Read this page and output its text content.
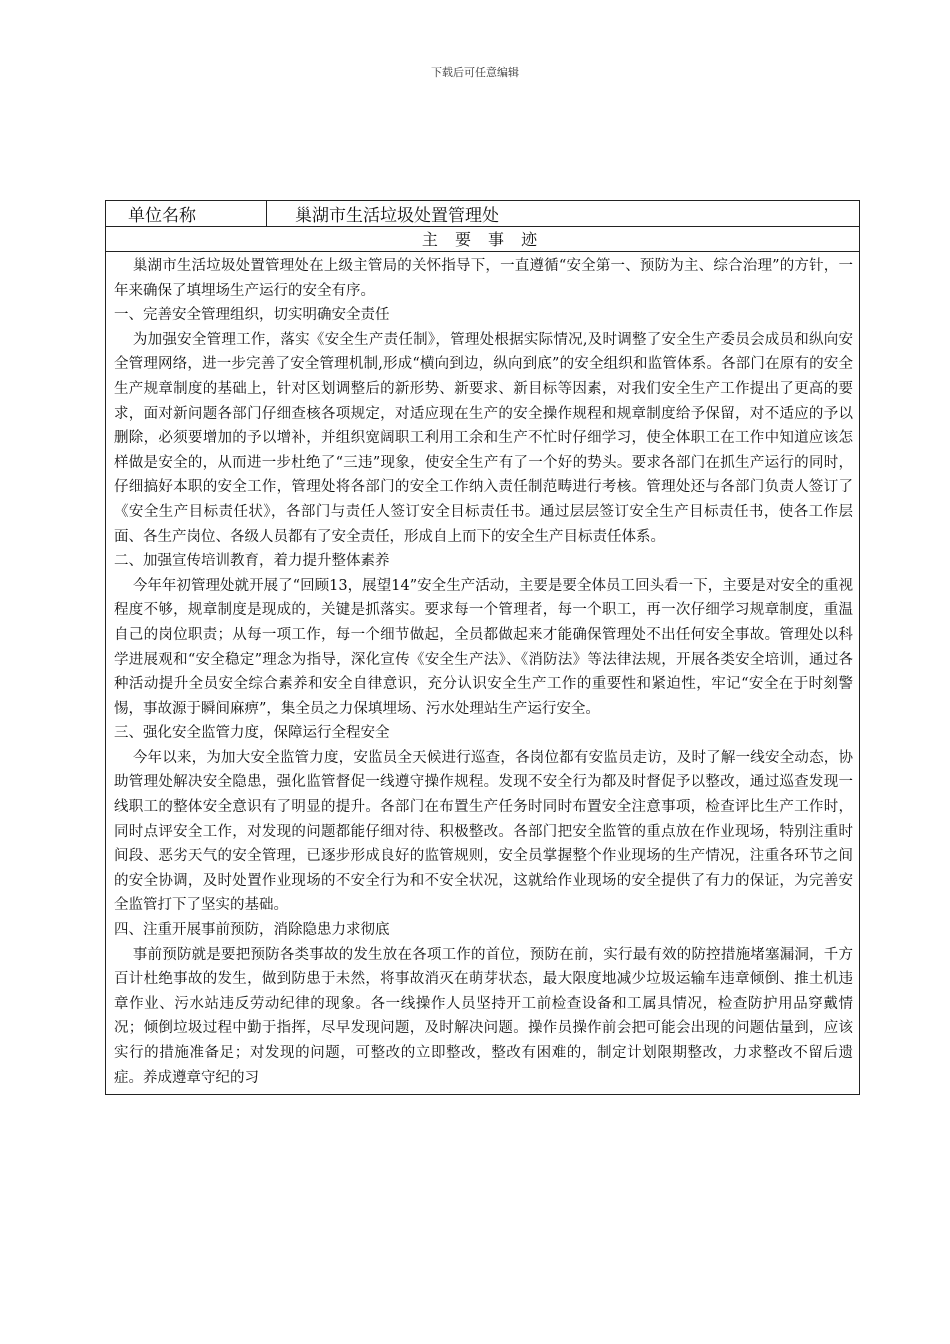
下载后可任意编辑
单位名称	巢湖市生活垃圾处置管理处
主 要 事 迹

巢湖市生活垃圾处置管理处在上级主管局的关怀指导下，一直遵循“安全第一、预防为主、综合治理”的方针，一年来确保了填埋场生产运行的安全有序。

一、完善安全管理组织，切实明确安全责任

为加强安全管理工作，落实《安全生产责任制》，管理处根据实际情况,及时调整了安全生产委员会成员和纵向安全管理网络，进一步完善了安全管理机制,形成“横向到边，纵向到底”的安全组织和监管体系。各部门在原有的安全生产规章制度的基础上，针对区划调整后的新形势、新要求、新目标等因素，对我们安全生产工作提出了更高的要求，面对新问题各部门仔细查核各项规定，对适应现在生产的安全操作规程和规章制度给予保留，对不适应的予以删除，必须要增加的予以增补，并组织宽阔职工利用工余和生产不忙时仔细学习，使全体职工在工作中知道应该怎样做是安全的，从而进一步杜绝了“三违”现象，使安全生产有了一个好的势头。要求各部门在抓生产运行的同时，仔细搞好本职的安全工作，管理处将各部门的安全工作纳入责任制范畴进行考核。管理处还与各部门负责人签订了《安全生产目标责任状》，各部门与责任人签订安全目标责任书。通过层层签订安全生产目标责任书，使各工作层面、各生产岗位、各级人员都有了安全责任，形成自上而下的安全生产目标责任体系。

二、加强宣传培训教育，着力提升整体素养

今年年初管理处就开展了“回顾13，展望14”安全生产活动，主要是要全体员工回头看一下，主要是对安全的重视程度不够，规章制度是现成的，关键是抓落实。要求每一个管理者，每一个职工，再一次仔细学习规章制度，重温自己的岗位职责；从每一项工作，每一个细节做起，全员都做起来才能确保管理处不出任何安全事故。管理处以科学进展观和“安全稳定”理念为指导，深化宣传《安全生产法》、《消防法》等法律法规，开展各类安全培训，通过各种活动提升全员安全综合素养和安全自律意识，充分认识安全生产工作的重要性和紧迫性，牢记“安全在于时刻警惕，事故源于瞬间麻痹”，集全员之力保填埋场、污水处理站生产运行安全。

三、强化安全监管力度，保障运行全程安全

今年以来，为加大安全监管力度，安监员全天候进行巡查，各岗位都有安监员走访，及时了解一线安全动态，协助管理处解决安全隐患，强化监管督促一线遵守操作规程。发现不安全行为都及时督促予以整改，通过巡查发现一线职工的整体安全意识有了明显的提升。各部门在布置生产任务时同时布置安全注意事项，检查评比生产工作时，同时点评安全工作，对发现的问题都能仔细对待、积极整改。各部门把安全监管的重点放在作业现场，特别注重时间段、恶劣天气的安全管理，已逐步形成良好的监管规则，安全员掌握整个作业现场的生产情况，注重各环节之间的安全协调，及时处置作业现场的不安全行为和不安全状况，这就给作业现场的安全提供了有力的保证，为完善安全监管打下了坚实的基础。

四、注重开展事前预防，消除隐患力求彻底

事前预防就是要把预防各类事故的发生放在各项工作的首位，预防在前，实行最有效的防控措施堵塞漏洞，千方百计杜绝事故的发生，做到防患于未然，将事故消灭在萌芽状态，最大限度地减少垃圾运输车违章倾倒、推土机违章作业、污水站违反劳动纪律的现象。各一线操作人员坚持开工前检查设备和工属具情况，检查防护用品穿戴情况；倾倒垃圾过程中勤于指挥，尽早发现问题，及时解决问题。操作员操作前会把可能会出现的问题估量到，应该实行的措施准备足；对发现的问题，可整改的立即整改，整改有困难的，制定计划限期整改，力求整改不留后遗症。养成遵章守纪的习
